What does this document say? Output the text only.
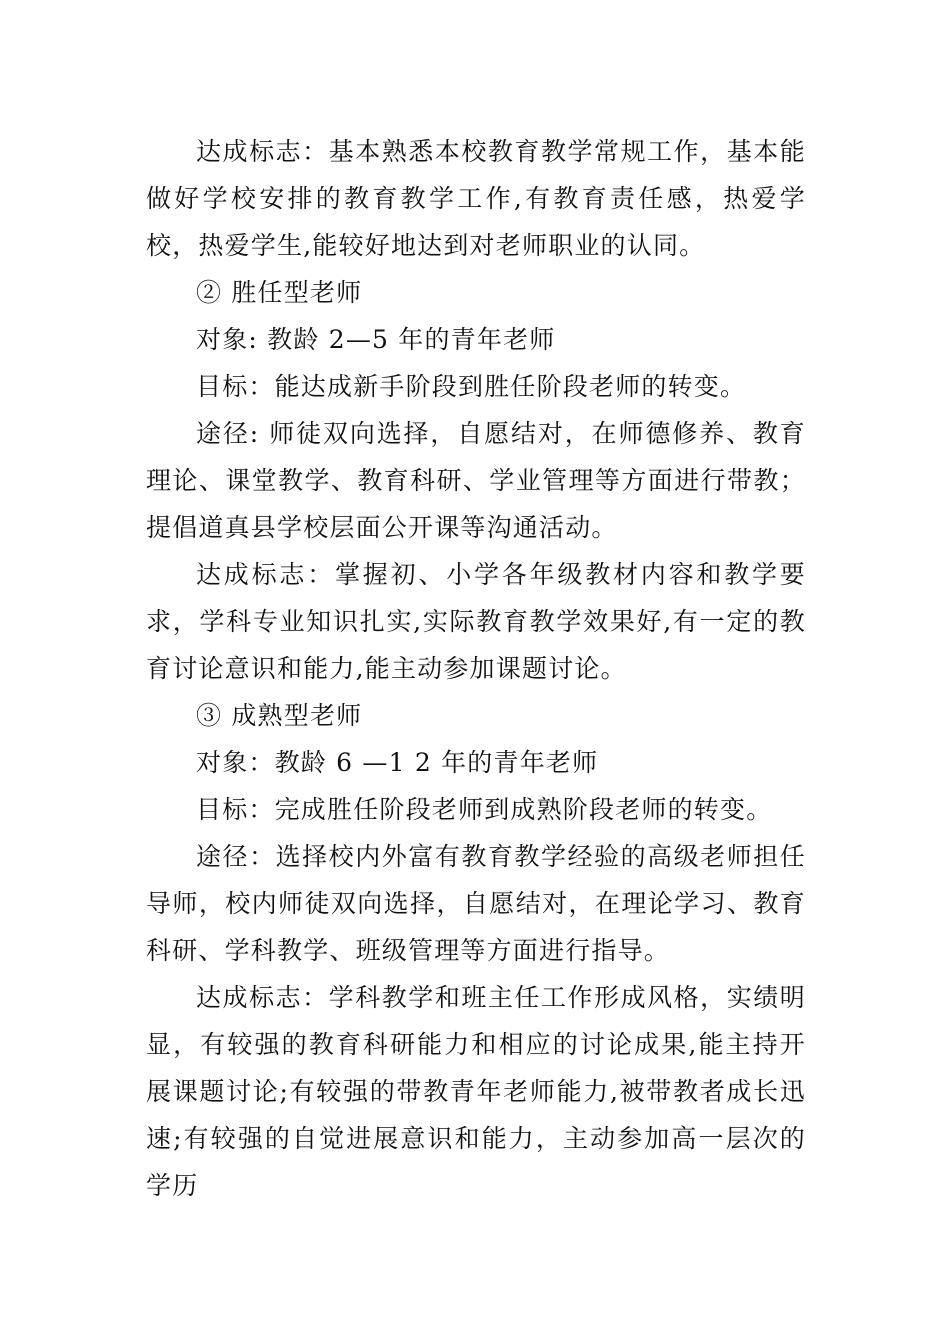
达成标志：基本熟悉本校教育教学常规工作，基本能做好学校安排的教育教学工作,有教育责任感，热爱学校，热爱学生,能较好地达到对老师职业的认同。

② 胜任型老师

对象: 教龄 2—5 年的青年老师

目标：能达成新手阶段到胜任阶段老师的转变。

途径: 师徒双向选择，自愿结对，在师德修养、教育理论、课堂教学、教育科研、学业管理等方面进行带教；提倡道真县学校层面公开课等沟通活动。

达成标志：掌握初、小学各年级教材内容和教学要求，学科专业知识扎实,实际教育教学效果好,有一定的教育讨论意识和能力,能主动参加课题讨论。

③ 成熟型老师

对象：教龄 6 —1 2 年的青年老师

目标：完成胜任阶段老师到成熟阶段老师的转变。

途径：选择校内外富有教育教学经验的高级老师担任导师，校内师徒双向选择，自愿结对，在理论学习、教育科研、学科教学、班级管理等方面进行指导。

达成标志：学科教学和班主任工作形成风格，实绩明显，有较强的教育科研能力和相应的讨论成果,能主持开展课题讨论;有较强的带教青年老师能力,被带教者成长迅速;有较强的自觉进展意识和能力，主动参加高一层次的学历
